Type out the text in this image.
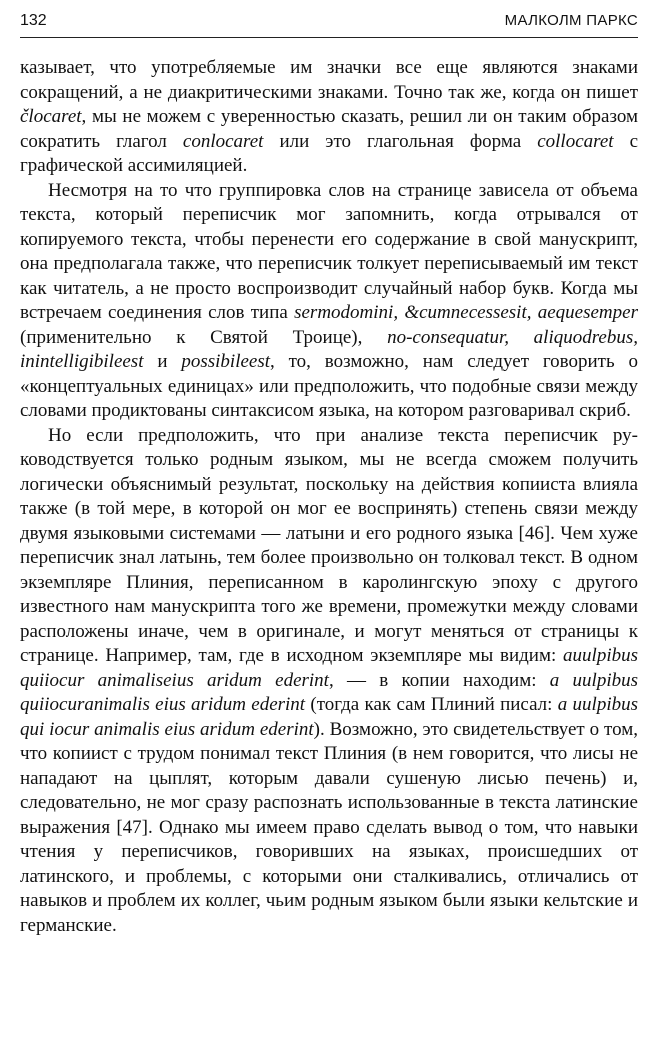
132	МАЛКОЛМ ПАРКС

казывает, что употребляемые им значки все еще являются знаками сокращений, а не диакритическими знаками. Точно так же, когда он пишет člocaret, мы не можем с уверенностью сказать, решил ли он таким образом сократить глагол conlocaret или это глагольная форма collocaret с графической ассимиляцией.

Несмотря на то что группировка слов на странице зависела от объема текста, который переписчик мог запомнить, когда отрывался от копируемого текста, чтобы перенести его содержание в свой манускрипт, она предполагала также, что переписчик толкует переписываемый им текст как читатель, а не просто воспроизводит случайный набор букв. Когда мы встречаем соединения слов типа sermodomini, &cumnecessesit, aequesemper (применительно к Святой Троице), no-consequatur, aliquodrebus, inintelligibileest и possibileest, то, возможно, нам следует говорить о «концептуальных единицах» или предположить, что подобные связи между словами продиктованы синтаксисом языка, на котором разговаривал скриб.

Но если предположить, что при анализе текста переписчик руководствуется только родным языком, мы не всегда сможем получить логически объяснимый результат, поскольку на действия копииста влияла также (в той мере, в которой он мог ее воспринять) степень связи между двумя языковыми системами — латыни и его родного языка [46]. Чем хуже переписчик знал латынь, тем более произвольно он толковал текст. В одном экземпляре Плиния, переписанном в каролингскую эпоху с другого известного нам манускрипта того же времени, промежутки между словами расположены иначе, чем в оригинале, и могут меняться от страницы к странице. Например, там, где в исходном экземпляре мы видим: auulpibus quiiocur animaliseius aridum ederint, — в копии находим: a uulpibus quiiocuranimalis eius aridum ederint (тогда как сам Плиний писал: a uulpibus qui iocur animalis eius aridum ederint). Возможно, это свидетельствует о том, что копиист с трудом понимал текст Плиния (в нем говорится, что лисы не нападают на цыплят, которым давали сушеную лисью печень) и, следовательно, не мог сразу распознать использованные в текста латинские выражения [47]. Однако мы имеем право сделать вывод о том, что навыки чтения у переписчиков, говоривших на языках, происшедших от латинского, и проблемы, с которыми они сталкивались, отличались от навыков и проблем их коллег, чьим родным языком были языки кельтские и германские.
